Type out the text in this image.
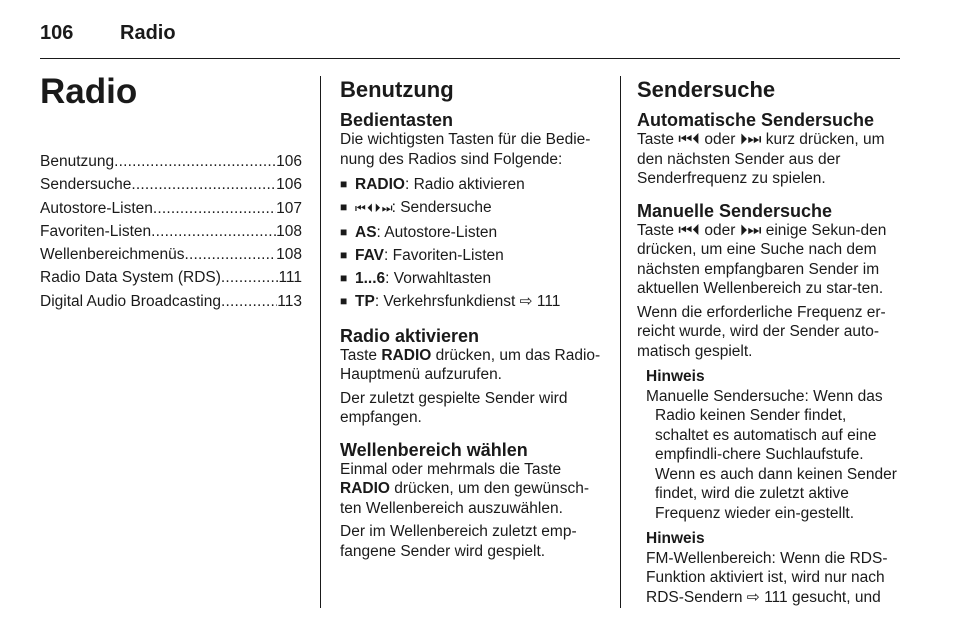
106 Radio
Radio
Benutzung .....	106
Sendersuche .....	106
Autostore-Listen .....	107
Favoriten-Listen .....	108
Wellenbereichmenüs .....	108
Radio Data System (RDS) .....	111
Digital Audio Broadcasting .....	113
Benutzung
Bedientasten

Die wichtigsten Tasten für die Bedie-nung des Radios sind Folgende:

■ RADIO: Radio aktivieren
■ ⏮ ⏴ ⏵ ⏭: Sendersuche
■ AS: Autostore-Listen
■ FAV: Favoriten-Listen
■ 1...6: Vorwahltasten
■ TP: Verkehrsfunkdienst ⇨ 111
Radio aktivieren

Taste RADIO drücken, um das Radio-Hauptmenü aufzurufen.

Der zuletzt gespielte Sender wird empfangen.

Wellenbereich wählen

Einmal oder mehrmals die Taste RADIO drücken, um den gewünsch-ten Wellenbereich auszuwählen.

Der im Wellenbereich zuletzt emp-fangene Sender wird gespielt.

Sendersuche
Automatische Sendersuche

Taste ⏮⏴ oder ⏵⏭ kurz drücken, um den nächsten Sender aus der Senderfrequenz zu spielen.

Manuelle Sendersuche

Taste ⏮⏴ oder ⏵⏭ einige Sekun-den drücken, um eine Suche nach dem nächsten empfangbaren Sender im aktuellen Wellenbereich zu star-ten.

Wenn die erforderliche Frequenz er-reicht wurde, wird der Sender auto-matisch gespielt.

Hinweis

Manuelle Sendersuche: Wenn das Radio keinen Sender findet, schaltet es automatisch auf eine empfindli-chere Suchlaufstufe. Wenn es auch dann keinen Sender findet, wird die zuletzt aktive Frequenz wieder ein-gestellt.

Hinweis

FM-Wellenbereich: Wenn die RDS-Funktion aktiviert ist, wird nur nach RDS-Sendern ⇨ 111 gesucht, und
